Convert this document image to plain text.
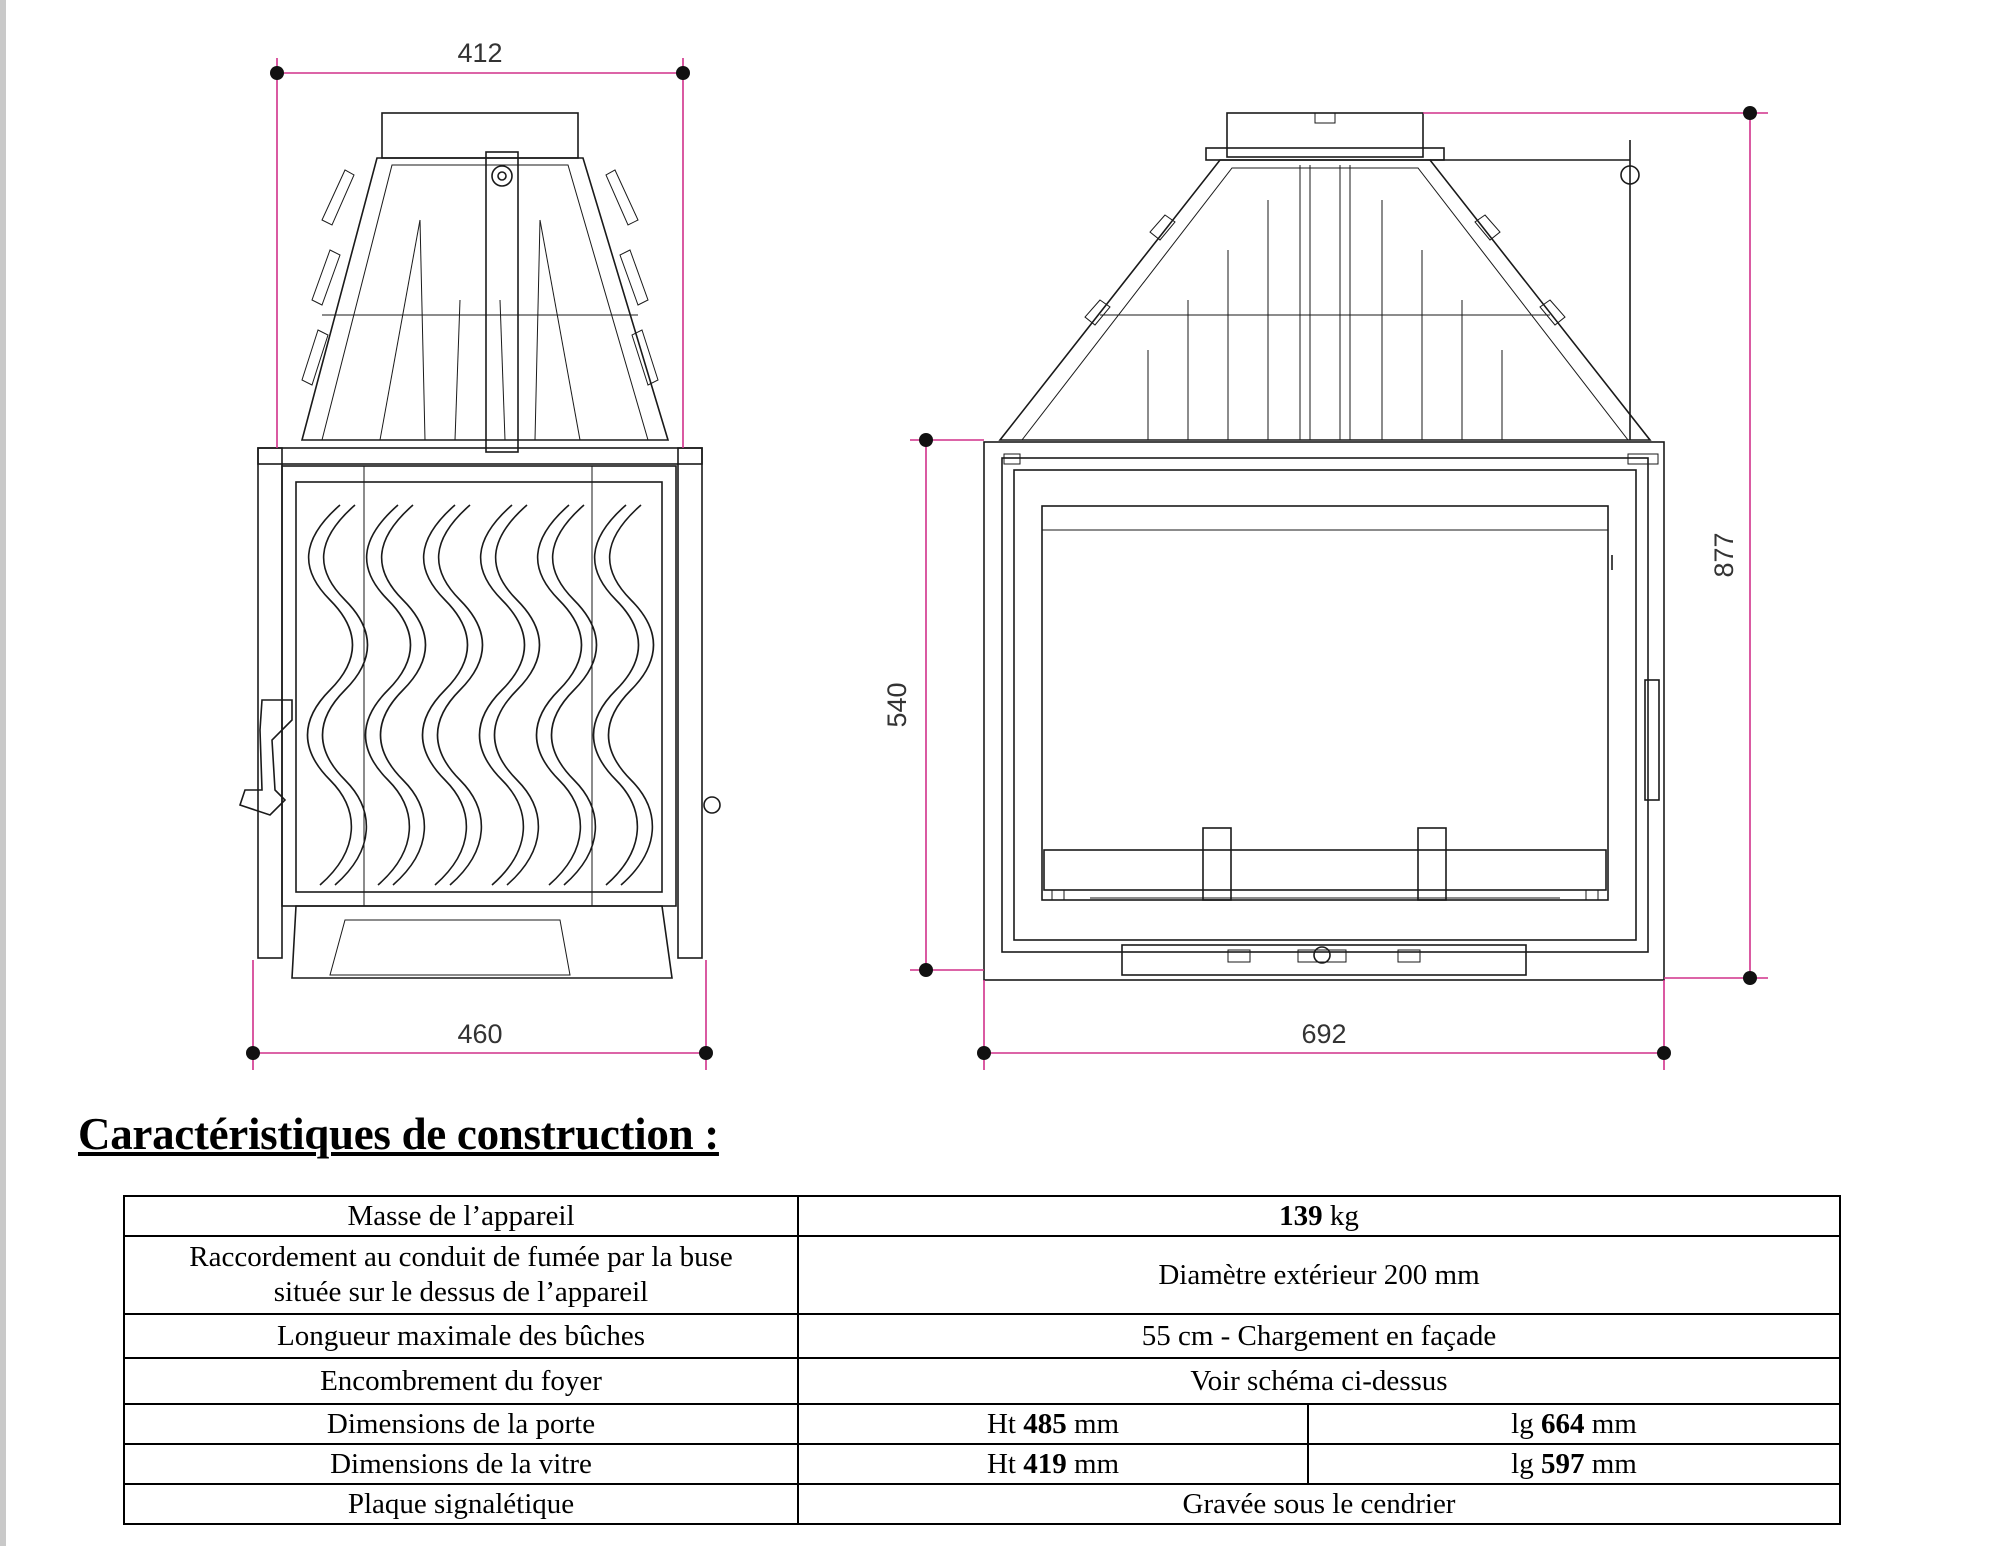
412
460
540
692
877
Caractéristiques de construction :
Masse de l’appareil	139 kg	
Raccordement au conduit de fumée par la buse
située sur le dessus de l’appareil	Diamètre extérieur 200 mm	
Longueur maximale des bûches	55 cm - Chargement en façade	
Encombrement du foyer	Voir schéma ci-dessus	
Dimensions de la porte	Ht 485 mm	lg 664 mm
Dimensions de la vitre	Ht 419 mm	lg 597 mm
Plaque signalétique	Gravée sous le cendrier	
